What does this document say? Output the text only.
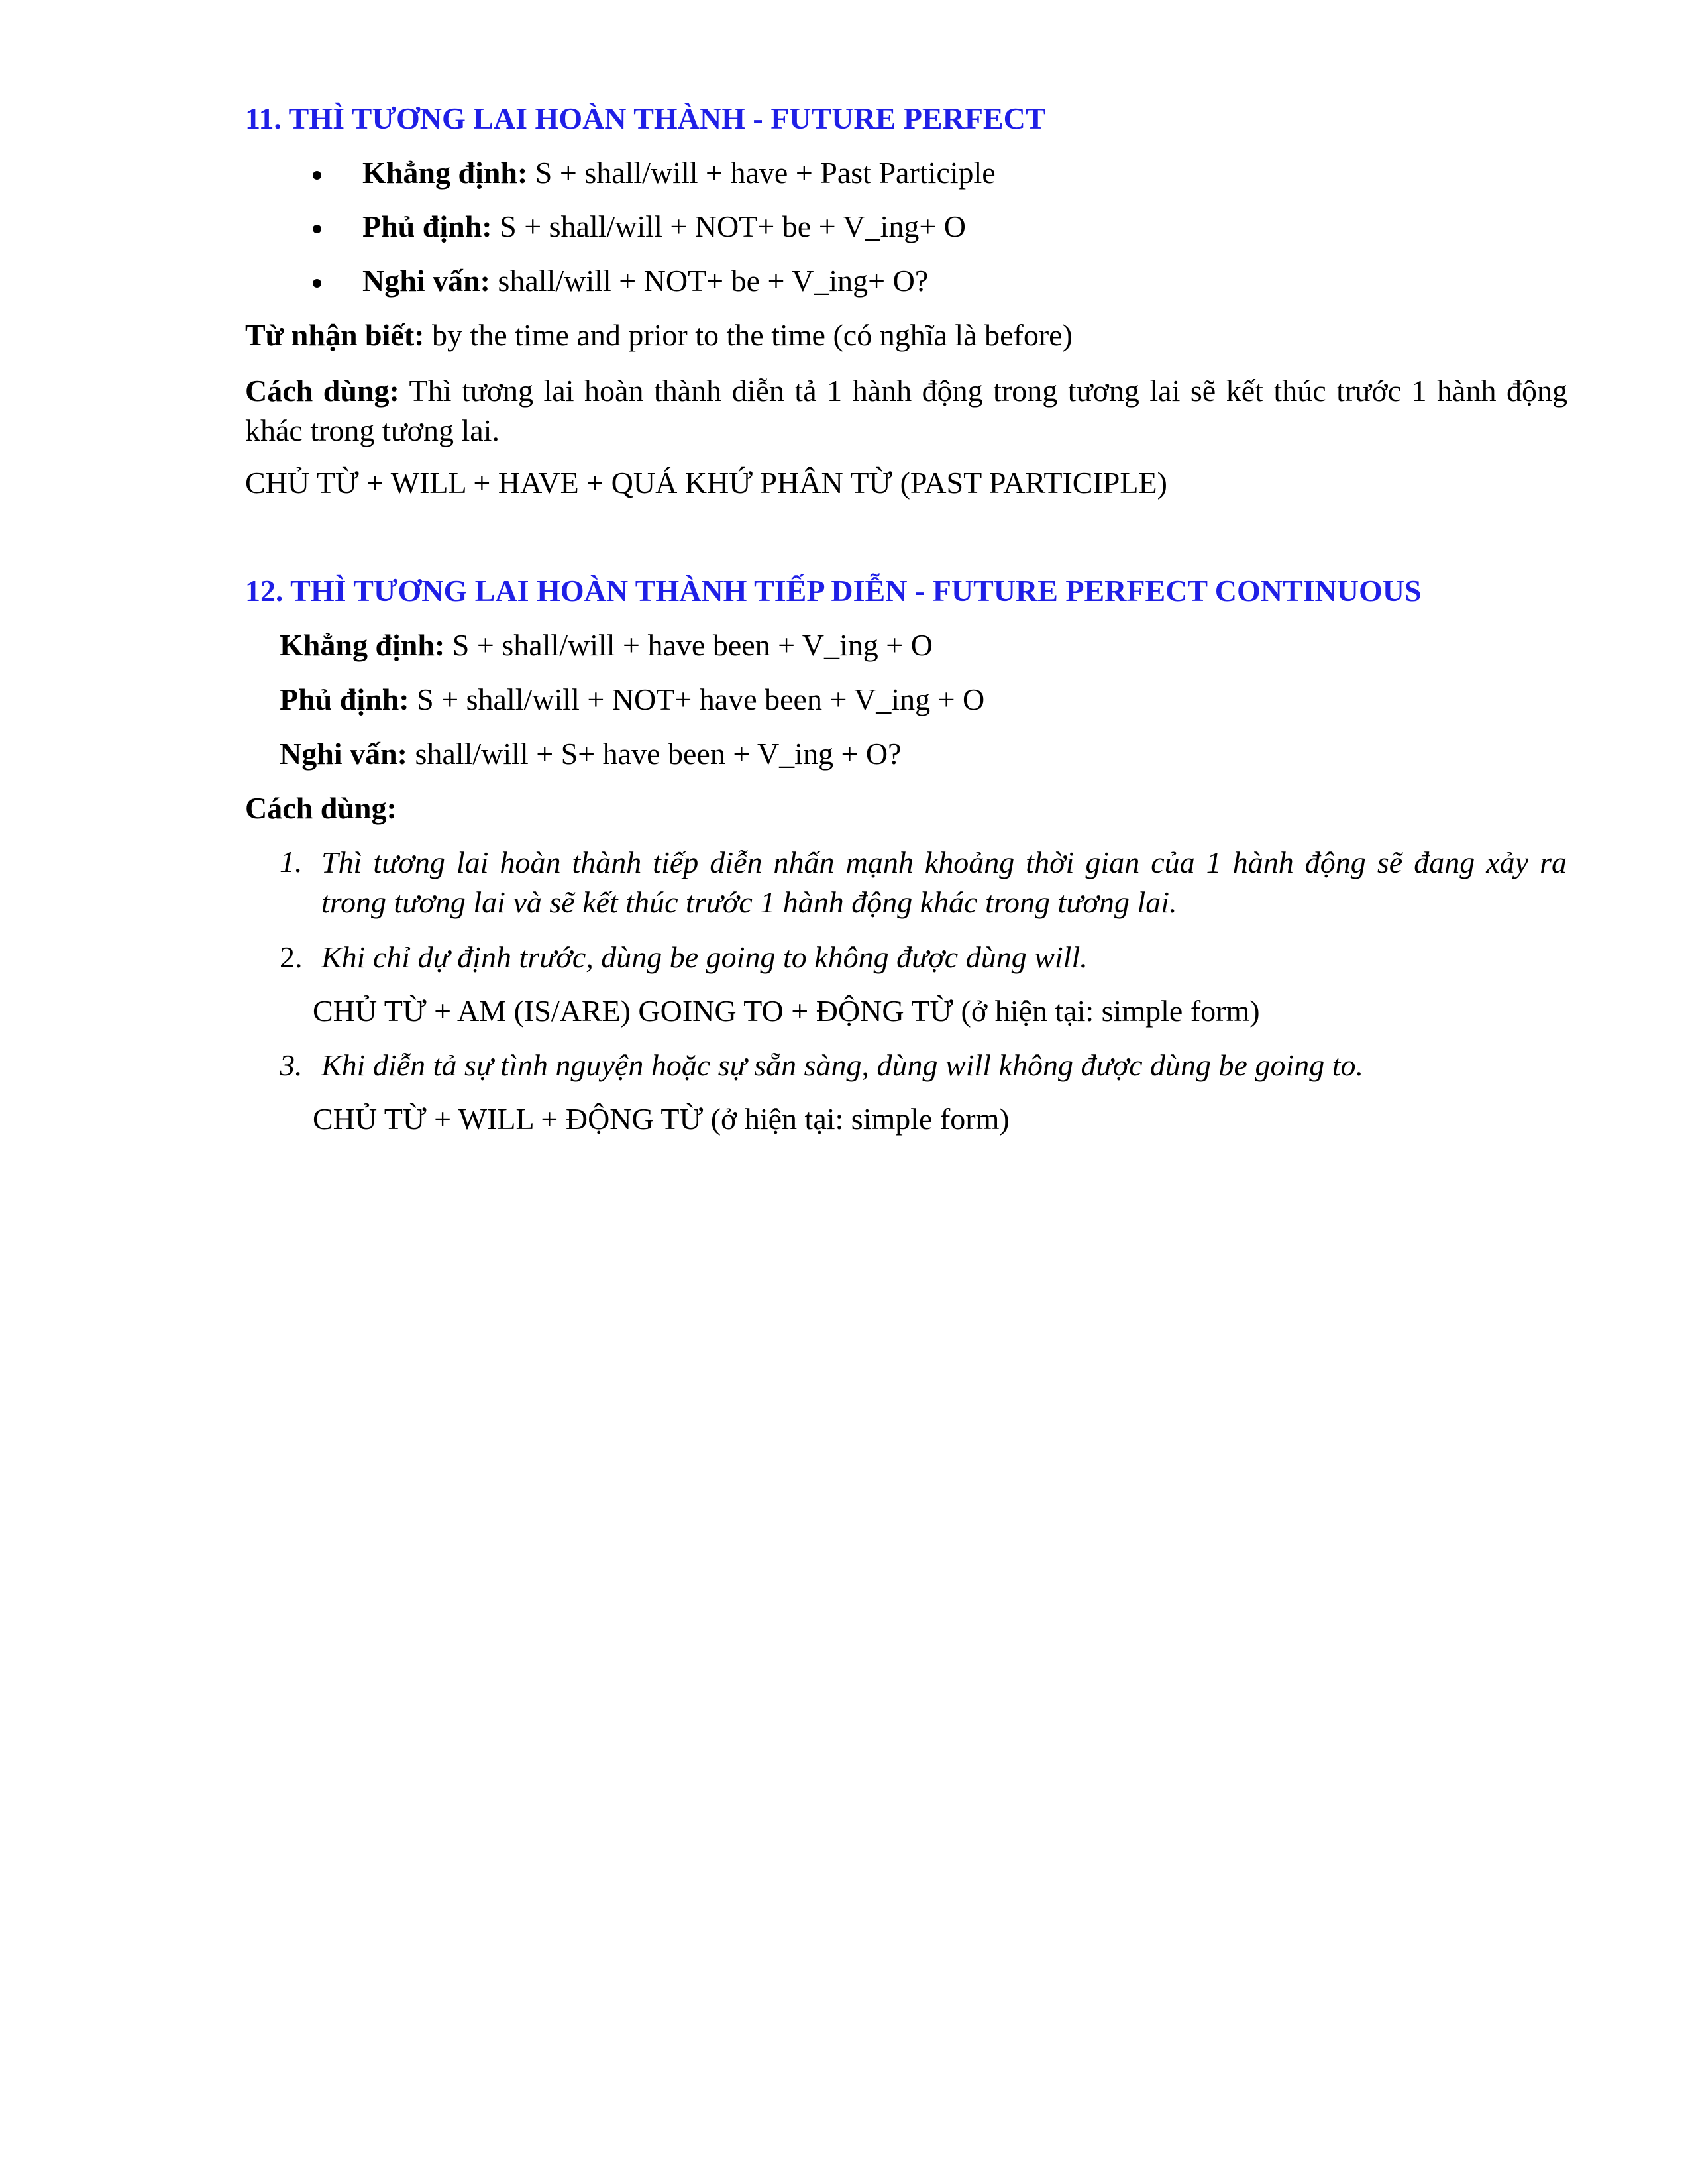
11. THÌ TƯƠNG LAI HOÀN THÀNH - FUTURE PERFECT
Khẳng định: S + shall/will + have + Past Participle
Phủ định: S + shall/will + NOT+ be + V_ing+ O
Nghi vấn: shall/will + NOT+ be + V_ing+ O?
Từ nhận biết: by the time and prior to the time (có nghĩa là before)
Cách dùng: Thì tương lai hoàn thành diễn tả 1 hành động trong tương lai sẽ kết thúc trước 1 hành động khác trong tương lai.
CHỦ TỪ + WILL + HAVE + QUÁ KHỨ PHÂN TỪ (PAST PARTICIPLE)
12. THÌ TƯƠNG LAI HOÀN THÀNH TIẾP DIỄN - FUTURE PERFECT CONTINUOUS
Khẳng định: S + shall/will + have been + V_ing + O
Phủ định: S + shall/will + NOT+ have been + V_ing + O
Nghi vấn: shall/will + S+ have been + V_ing + O?
Cách dùng:
1. Thì tương lai hoàn thành tiếp diễn nhấn mạnh khoảng thời gian của 1 hành động sẽ đang xảy ra trong tương lai và sẽ kết thúc trước 1 hành động khác trong tương lai.
2. Khi chỉ dự định trước, dùng be going to không được dùng will.
CHỦ TỪ + AM (IS/ARE) GOING TO + ĐỘNG TỪ (ở hiện tại: simple form)
3. Khi diễn tả sự tình nguyện hoặc sự sẵn sàng, dùng will không được dùng be going to.
CHỦ TỪ + WILL + ĐỘNG TỪ (ở hiện tại: simple form)
